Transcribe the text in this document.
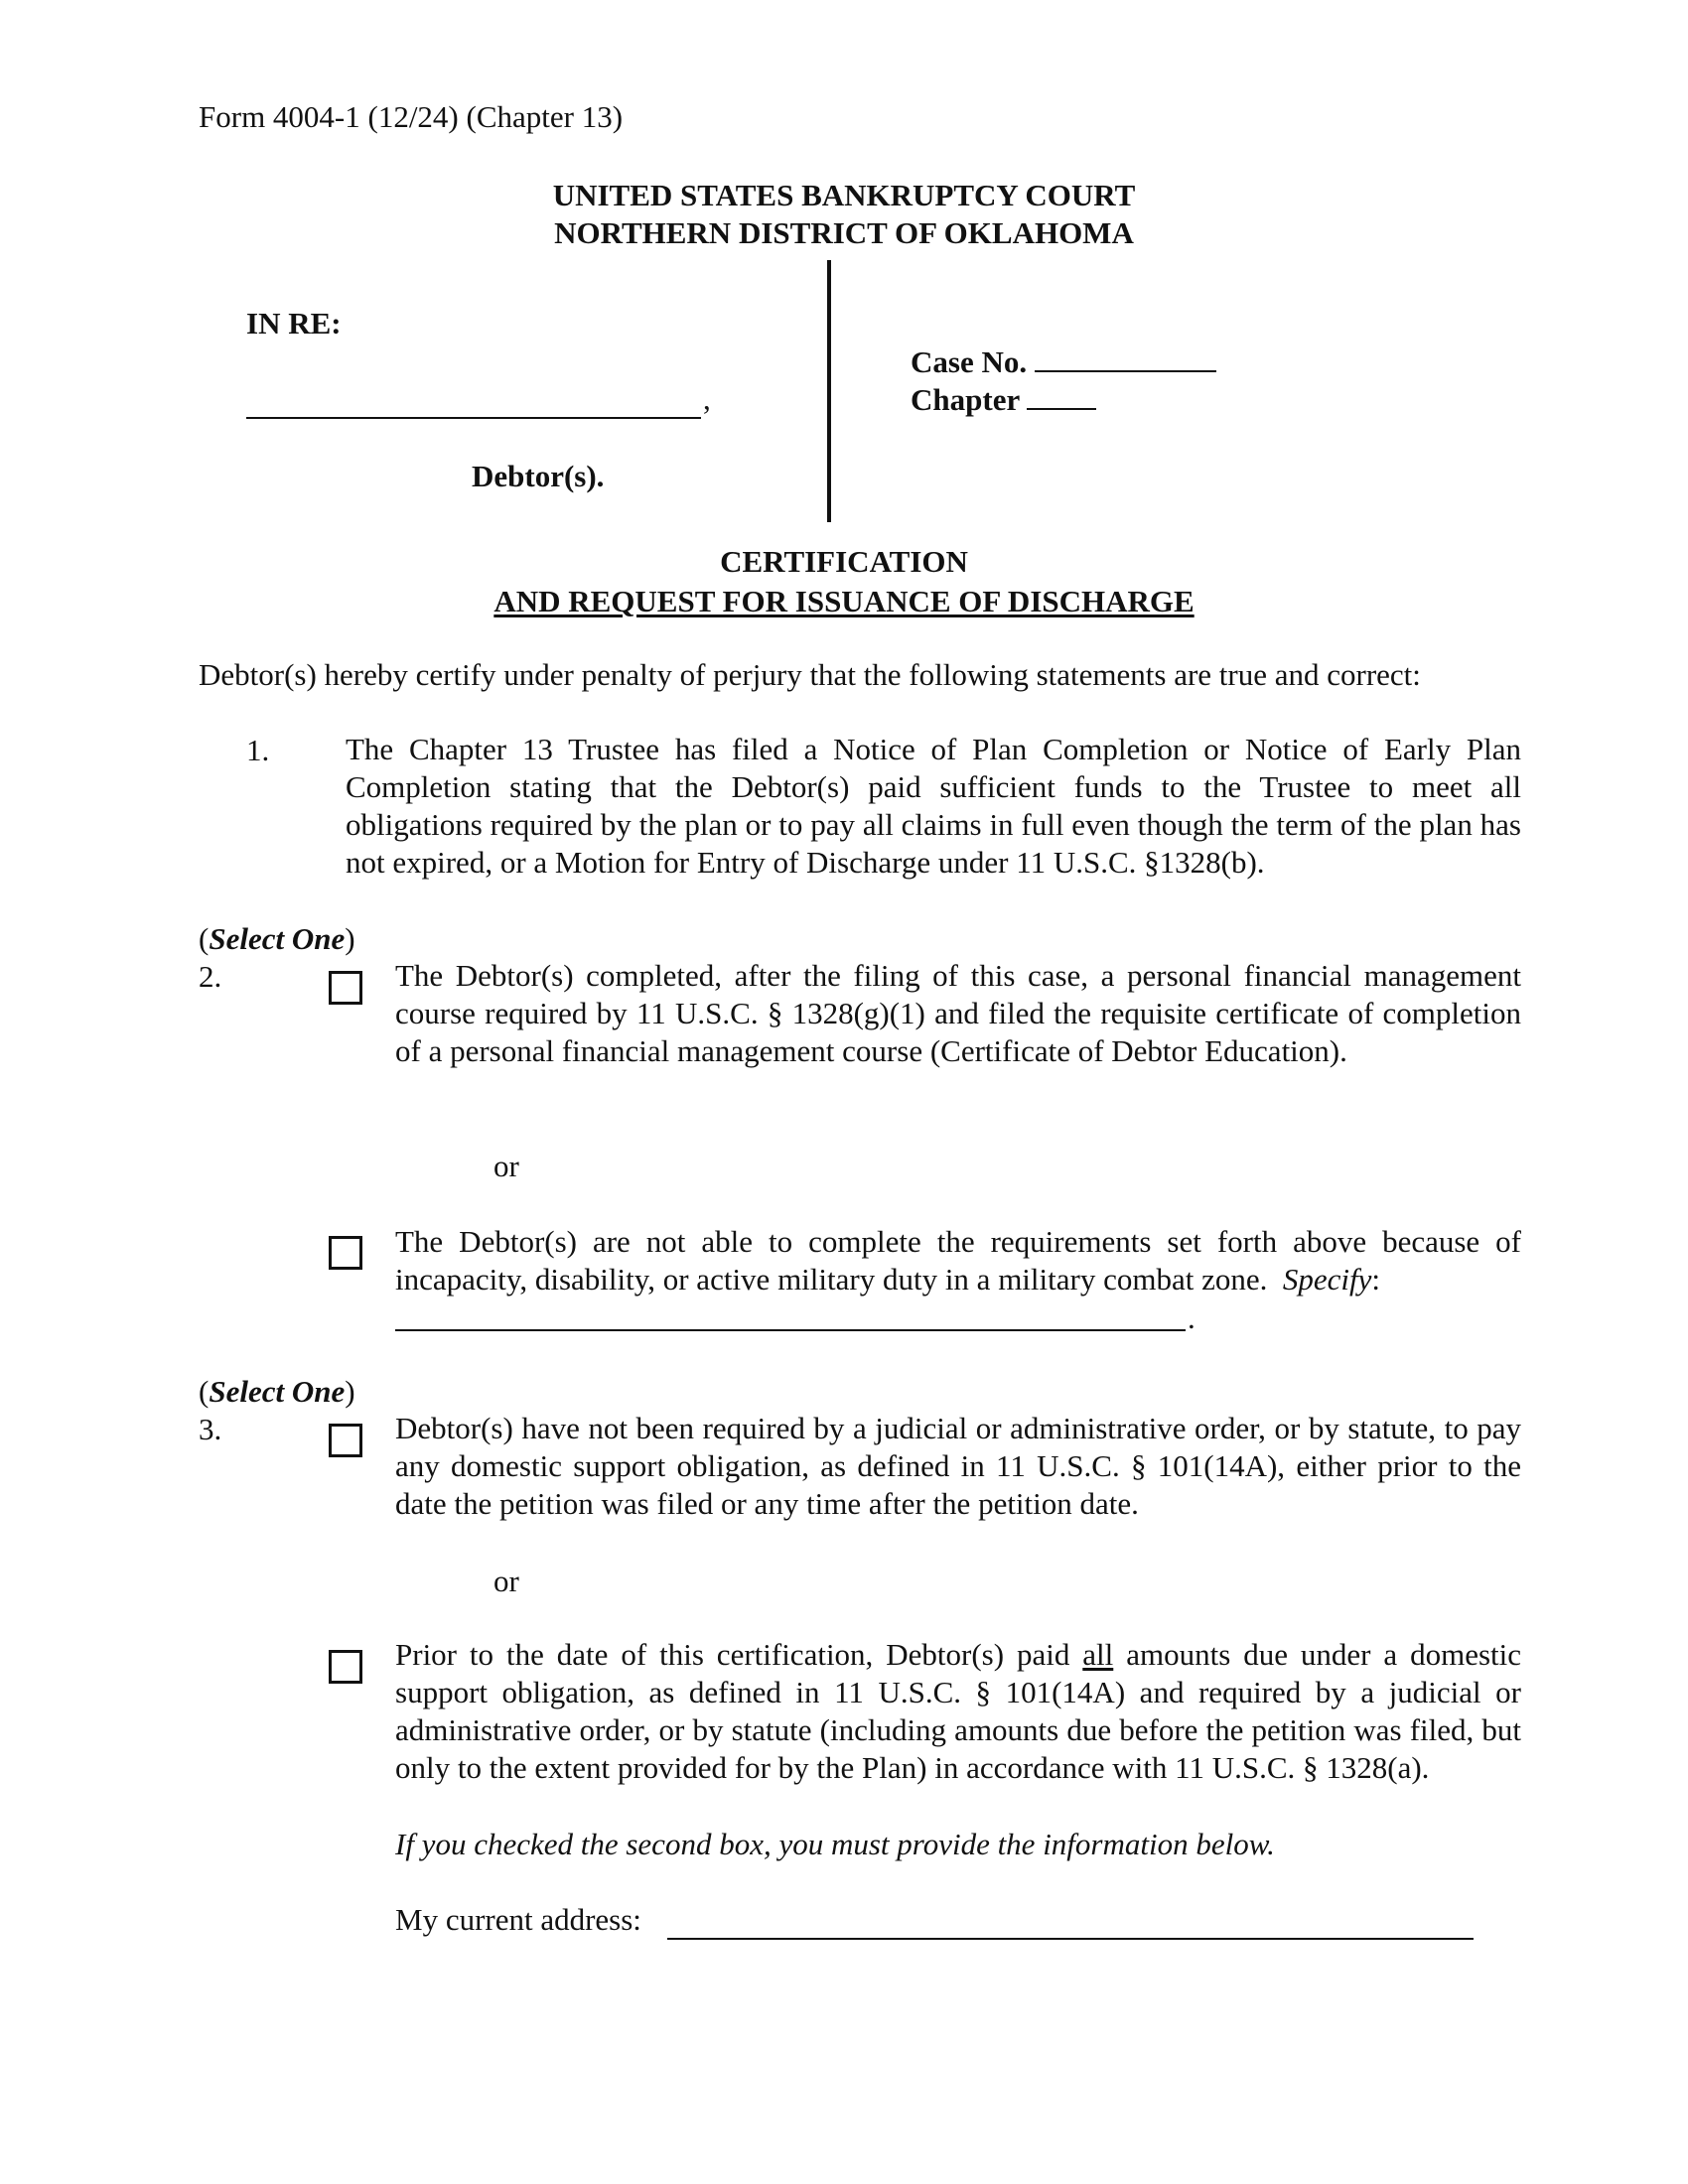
Form 4004-1 (12/24) (Chapter 13)
UNITED STATES BANKRUPTCY COURT
NORTHERN DISTRICT OF OKLAHOMA
IN RE:
,
Debtor(s).
Case No.
Chapter
CERTIFICATION
AND REQUEST FOR ISSUANCE OF DISCHARGE
Debtor(s) hereby certify under penalty of perjury that the following statements are true and correct:
1. The Chapter 13 Trustee has filed a Notice of Plan Completion or Notice of Early Plan Completion stating that the Debtor(s) paid sufficient funds to the Trustee to meet all obligations required by the plan or to pay all claims in full even though the term of the plan has not expired, or a Motion for Entry of Discharge under 11 U.S.C. §1328(b).
(Select One)
2.	The Debtor(s) completed, after the filing of this case, a personal financial management course required by 11 U.S.C. § 1328(g)(1) and filed the requisite certificate of completion of a personal financial management course (Certificate of Debtor Education).
or
The Debtor(s) are not able to complete the requirements set forth above because of incapacity, disability, or active military duty in a military combat zone. Specify:
.
(Select One)
3.	Debtor(s) have not been required by a judicial or administrative order, or by statute, to pay any domestic support obligation, as defined in 11 U.S.C. § 101(14A), either prior to the date the petition was filed or any time after the petition date.
or
Prior to the date of this certification, Debtor(s) paid all amounts due under a domestic support obligation, as defined in 11 U.S.C. § 101(14A) and required by a judicial or administrative order, or by statute (including amounts due before the petition was filed, but only to the extent provided for by the Plan) in accordance with 11 U.S.C. § 1328(a).
If you checked the second box, you must provide the information below.
My current address:
